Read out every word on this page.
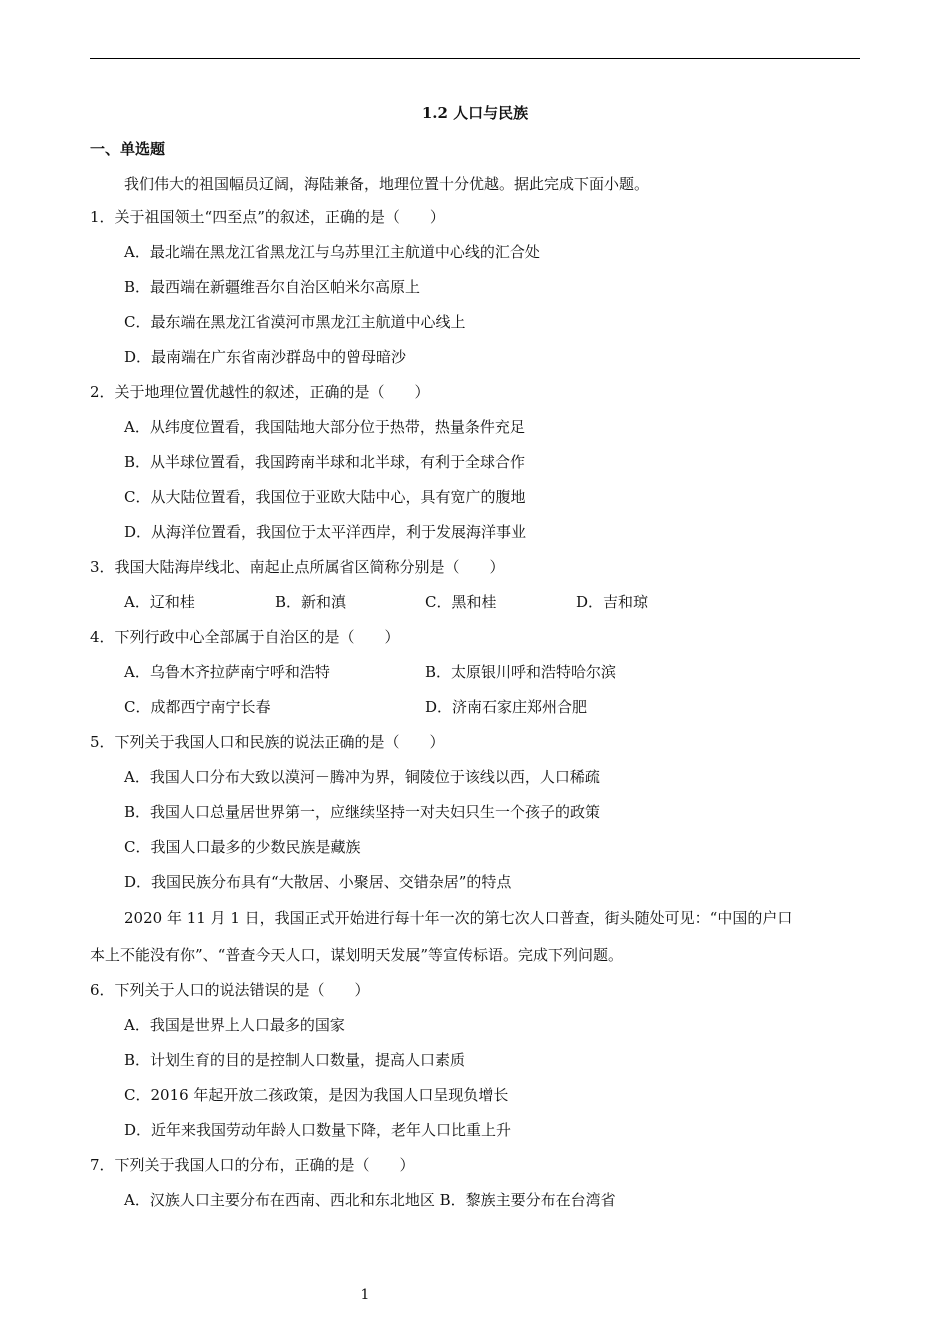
1.2 人口与民族
一、单选题
我们伟大的祖国幅员辽阔，海陆兼备，地理位置十分优越。据此完成下面小题。
1．关于祖国领土“四至点”的叙述，正确的是（　　）
A．最北端在黑龙江省黑龙江与乌苏里江主航道中心线的汇合处
B．最西端在新疆维吾尔自治区帕米尔高原上
C．最东端在黑龙江省漠河市黑龙江主航道中心线上
D．最南端在广东省南沙群岛中的曾母暗沙
2．关于地理位置优越性的叙述，正确的是（　　）
A．从纬度位置看，我国陆地大部分位于热带，热量条件充足
B．从半球位置看，我国跨南半球和北半球，有利于全球合作
C．从大陆位置看，我国位于亚欧大陆中心，具有宽广的腹地
D．从海洋位置看，我国位于太平洋西岸，利于发展海洋事业
3．我国大陆海岸线北、南起止点所属省区简称分别是（　　）
A．辽和桂	B．新和滇	C．黑和桂	D．吉和琼
4．下列行政中心全部属于自治区的是（　　）
A．乌鲁木齐拉萨南宁呼和浩特	B．太原银川呼和浩特哈尔滨
C．成都西宁南宁长春	D．济南石家庄郑州合肥
5．下列关于我国人口和民族的说法正确的是（　　）
A．我国人口分布大致以漠河－腾冲为界，铜陵位于该线以西，人口稀疏
B．我国人口总量居世界第一，应继续坚持一对夫妇只生一个孩子的政策
C．我国人口最多的少数民族是藏族
D．我国民族分布具有“大散居、小聚居、交错杂居”的特点
2020 年 11 月 1 日，我国正式开始进行每十年一次的第七次人口普查，街头随处可见：“中国的户口
本上不能没有你”、“普查今天人口，谋划明天发展”等宣传标语。完成下列问题。
6．下列关于人口的说法错误的是（　　）
A．我国是世界上人口最多的国家
B．计划生育的目的是控制人口数量，提高人口素质
C．2016 年起开放二孩政策，是因为我国人口呈现负增长
D．近年来我国劳动年龄人口数量下降，老年人口比重上升
7．下列关于我国人口的分布，正确的是（　　）
A．汉族人口主要分布在西南、西北和东北地区 B．黎族主要分布在台湾省
1
